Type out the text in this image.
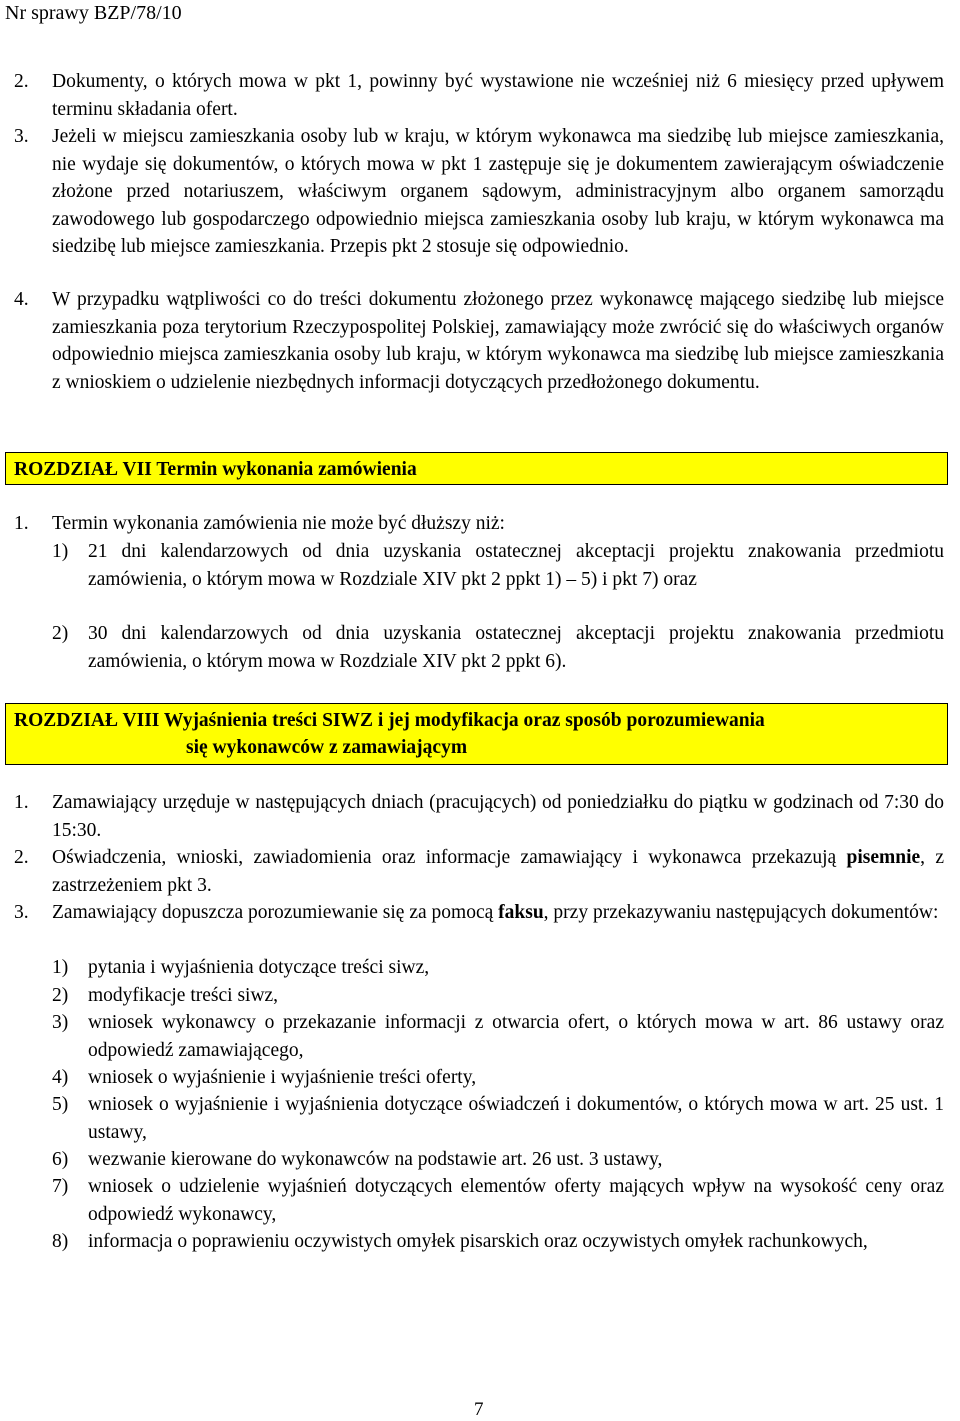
Nr sprawy BZP/78/10
2. Dokumenty, o których mowa w pkt 1, powinny być wystawione nie wcześniej niż 6 miesięcy przed upływem terminu składania ofert.
3. Jeżeli w miejscu zamieszkania osoby lub w kraju, w którym wykonawca ma siedzibę lub miejsce zamieszkania, nie wydaje się dokumentów, o których mowa w pkt 1 zastępuje się je dokumentem zawierającym oświadczenie złożone przed notariuszem, właściwym organem sądowym, administracyjnym albo organem samorządu zawodowego lub gospodarczego odpowiednio miejsca zamieszkania osoby lub kraju, w którym wykonawca ma siedzibę lub miejsce zamieszkania. Przepis pkt 2 stosuje się odpowiednio.
4. W przypadku wątpliwości co do treści dokumentu złożonego przez wykonawcę mającego siedzibę lub miejsce zamieszkania poza terytorium Rzeczypospolitej Polskiej, zamawiający może zwrócić się do właściwych organów odpowiednio miejsca zamieszkania osoby lub kraju, w którym wykonawca ma siedzibę lub miejsce zamieszkania z wnioskiem o udzielenie niezbędnych informacji dotyczących przedłożonego dokumentu.
ROZDZIAŁ VII Termin wykonania zamówienia
1. Termin wykonania zamówienia nie może być dłuższy niż:
1) 21 dni kalendarzowych od dnia uzyskania ostatecznej akceptacji projektu znakowania przedmiotu zamówienia, o którym mowa w Rozdziale XIV pkt 2 ppkt 1) – 5) i pkt 7) oraz
2) 30 dni kalendarzowych od dnia uzyskania ostatecznej akceptacji projektu znakowania przedmiotu zamówienia, o którym mowa w Rozdziale XIV pkt 2 ppkt 6).
ROZDZIAŁ VIII Wyjaśnienia treści SIWZ i jej modyfikacja oraz sposób porozumiewania
się wykonawców z zamawiającym
1. Zamawiający urzęduje w następujących dniach (pracujących) od poniedziałku do piątku w godzinach od 7:30 do 15:30.
2. Oświadczenia, wnioski, zawiadomienia oraz informacje zamawiający i wykonawca przekazują pisemnie, z zastrzeżeniem pkt 3.
3. Zamawiający dopuszcza porozumiewanie się za pomocą faksu, przy przekazywaniu następujących dokumentów:
1) pytania i wyjaśnienia dotyczące treści siwz,
2) modyfikacje treści siwz,
3) wniosek wykonawcy o przekazanie informacji z otwarcia ofert, o których mowa w art. 86 ustawy oraz odpowiedź zamawiającego,
4) wniosek o wyjaśnienie i wyjaśnienie treści oferty,
5) wniosek o wyjaśnienie i wyjaśnienia dotyczące oświadczeń i dokumentów, o których mowa w art. 25 ust. 1 ustawy,
6) wezwanie kierowane do wykonawców na podstawie art. 26 ust. 3 ustawy,
7) wniosek o udzielenie wyjaśnień dotyczących elementów oferty mających wpływ na wysokość ceny oraz odpowiedź wykonawcy,
8) informacja o poprawieniu oczywistych omyłek pisarskich oraz oczywistych omyłek rachunkowych,
7
